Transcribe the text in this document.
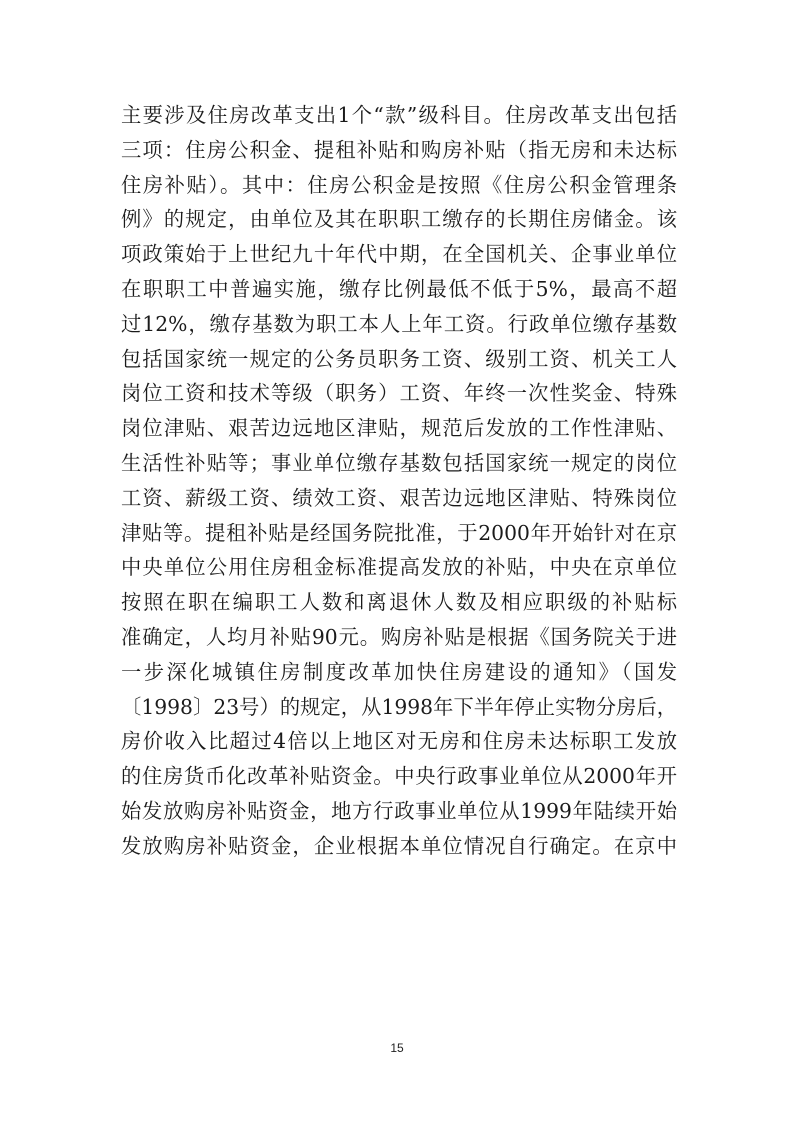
主要涉及住房改革支出1个“款”级科目。住房改革支出包括
三项：住房公积金、提租补贴和购房补贴（指无房和未达标
住房补贴）。其中：住房公积金是按照《住房公积金管理条
例》的规定，由单位及其在职职工缴存的长期住房储金。该
项政策始于上世纪九十年代中期，在全国机关、企事业单位
在职职工中普遍实施，缴存比例最低不低于5%，最高不超
过12%，缴存基数为职工本人上年工资。行政单位缴存基数
包括国家统一规定的公务员职务工资、级别工资、机关工人
岗位工资和技术等级（职务）工资、年终一次性奖金、特殊
岗位津贴、艰苦边远地区津贴，规范后发放的工作性津贴、
生活性补贴等；事业单位缴存基数包括国家统一规定的岗位
工资、薪级工资、绩效工资、艰苦边远地区津贴、特殊岗位
津贴等。提租补贴是经国务院批准，于2000年开始针对在京
中央单位公用住房租金标准提高发放的补贴，中央在京单位
按照在职在编职工人数和离退休人数及相应职级的补贴标
准确定，人均月补贴90元。购房补贴是根据《国务院关于进
一步深化城镇住房制度改革加快住房建设的通知》（国发
〔1998〕23号）的规定，从1998年下半年停止实物分房后，
房价收入比超过4倍以上地区对无房和住房未达标职工发放
的住房货币化改革补贴资金。中央行政事业单位从2000年开
始发放购房补贴资金，地方行政事业单位从1999年陆续开始
发放购房补贴资金，企业根据本单位情况自行确定。在京中
15
